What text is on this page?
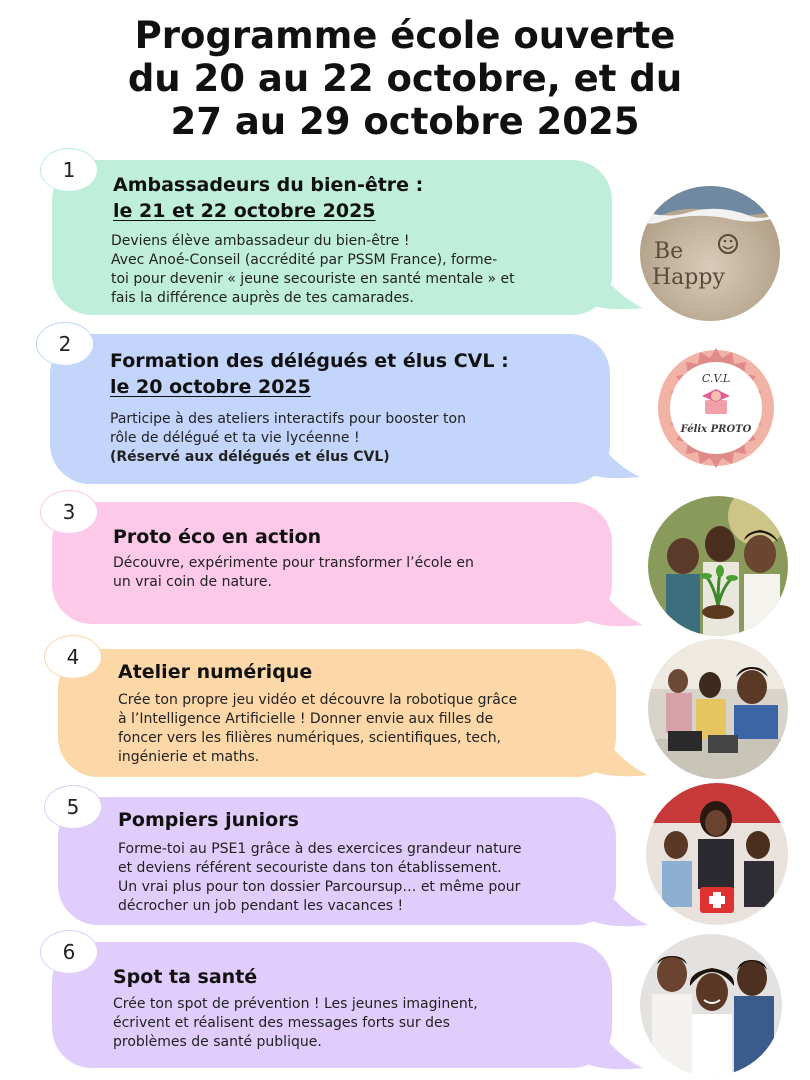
Programme école ouverte
du 20 au 22 octobre, et du
27 au 29 octobre 2025
1
Ambassadeurs du bien-être :
le 21 et 22 octobre 2025
Deviens élève ambassadeur du bien-être !
Avec Anoé-Conseil (accrédité par PSSM France), forme-
toi pour devenir « jeune secouriste en santé mentale » et
fais la différence auprès de tes camarades.
Be
Happy
2
Formation des délégués et élus CVL :
le 20 octobre 2025
Participe à des ateliers interactifs pour booster ton
rôle de délégué et ta vie lycéenne !
(Réservé aux délégués et élus CVL)
C.V.L
Félix PROTO
3
Proto éco en action
Découvre, expérimente pour transformer l’école en
un vrai coin de nature.
4
Atelier numérique
Crée ton propre jeu vidéo et découvre la robotique grâce
à l’Intelligence Artificielle ! Donner envie aux filles de
foncer vers les filières numériques, scientifiques, tech,
ingénierie et maths.
5
Pompiers juniors
Forme-toi au PSE1 grâce à des exercices grandeur nature
et deviens référent secouriste dans ton établissement.
Un vrai plus pour ton dossier Parcoursup… et même pour
décrocher un job pendant les vacances !
6
Spot ta santé
Crée ton spot de prévention ! Les jeunes imaginent,
écrivent et réalisent des messages forts sur des
problèmes de santé publique.
